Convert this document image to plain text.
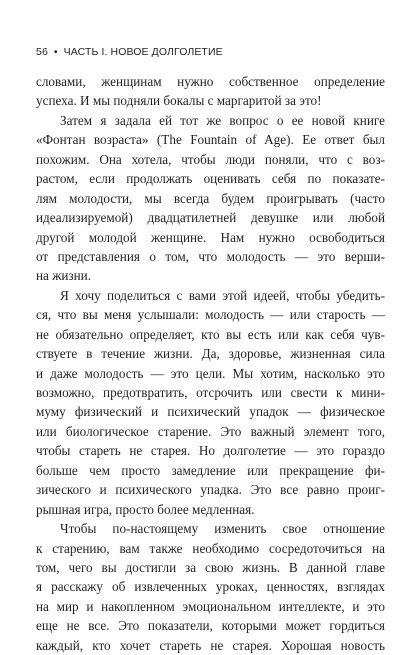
56 • ЧАСТЬ I. НОВОЕ ДОЛГОЛЕТИЕ
словами, женщинам нужно собственное определение
успеха. И мы подняли бокалы с маргаритой за это!
Затем я задала ей тот же вопрос о ее новой книге
«Фонтан возраста» (The Fountain of Age). Ее ответ был
похожим. Она хотела, чтобы люди поняли, что с воз-
растом, если продолжать оценивать себя по показате-
лям молодости, мы всегда будем проигрывать (часто
идеализируемой) двадцатилетней девушке или любой
другой молодой женщине. Нам нужно освободиться
от представления о том, что молодость — это верши-
на жизни.
Я хочу поделиться с вами этой идеей, чтобы убедить-
ся, что вы меня услышали: молодость — или старость —
не обязательно определяет, кто вы есть или как себя чув-
ствуете в течение жизни. Да, здоровье, жизненная сила
и даже молодость — это цели. Мы хотим, насколько это
возможно, предотвратить, отсрочить или свести к мини-
муму физический и психический упадок — физическое
или биологическое старение. Это важный элемент того,
чтобы стареть не старея. Но долголетие — это гораздо
больше чем просто замедление или прекращение фи-
зического и психического упадка. Это все равно проиг-
рышная игра, просто более медленная.
Чтобы по-настоящему изменить свое отношение
к старению, вам также необходимо сосредоточиться на
том, чего вы достигли за свою жизнь. В данной главе
я расскажу об извлеченных уроках, ценностях, взглядах
на мир и накопленном эмоциональном интеллекте, и это
еще не все. Это показатели, которыми может гордиться
каждый, кто хочет стареть не старея. Хорошая новость
